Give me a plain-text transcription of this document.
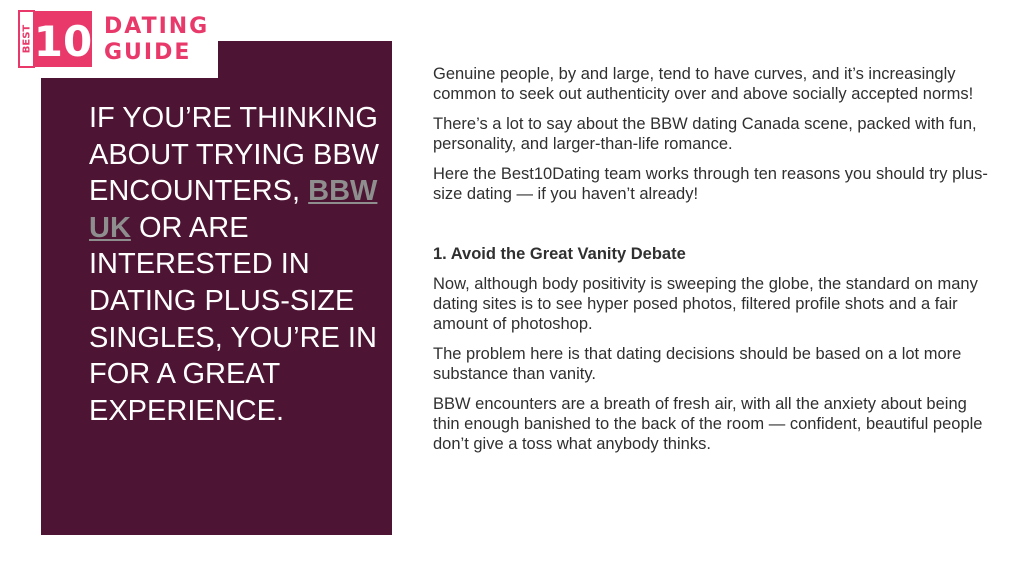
BEST 10 DATING
GUIDE
IF YOU’RE THINKING ABOUT TRYING BBW ENCOUNTERS, BBW UK OR ARE INTERESTED IN DATING PLUS-SIZE SINGLES, YOU’RE IN FOR A GREAT EXPERIENCE.

Genuine people, by and large, tend to have curves, and it’s increasingly common to seek out authenticity over and above socially accepted norms!

There’s a lot to say about the BBW dating Canada scene, packed with fun, personality, and larger-than-life romance.

Here the Best10Dating team works through ten reasons you should try plus-size dating — if you haven’t already!

1. Avoid the Great Vanity Debate

Now, although body positivity is sweeping the globe, the standard on many dating sites is to see hyper posed photos, filtered profile shots and a fair amount of photoshop.

The problem here is that dating decisions should be based on a lot more substance than vanity.

BBW encounters are a breath of fresh air, with all the anxiety about being thin enough banished to the back of the room — confident, beautiful people don’t give a toss what anybody thinks.
